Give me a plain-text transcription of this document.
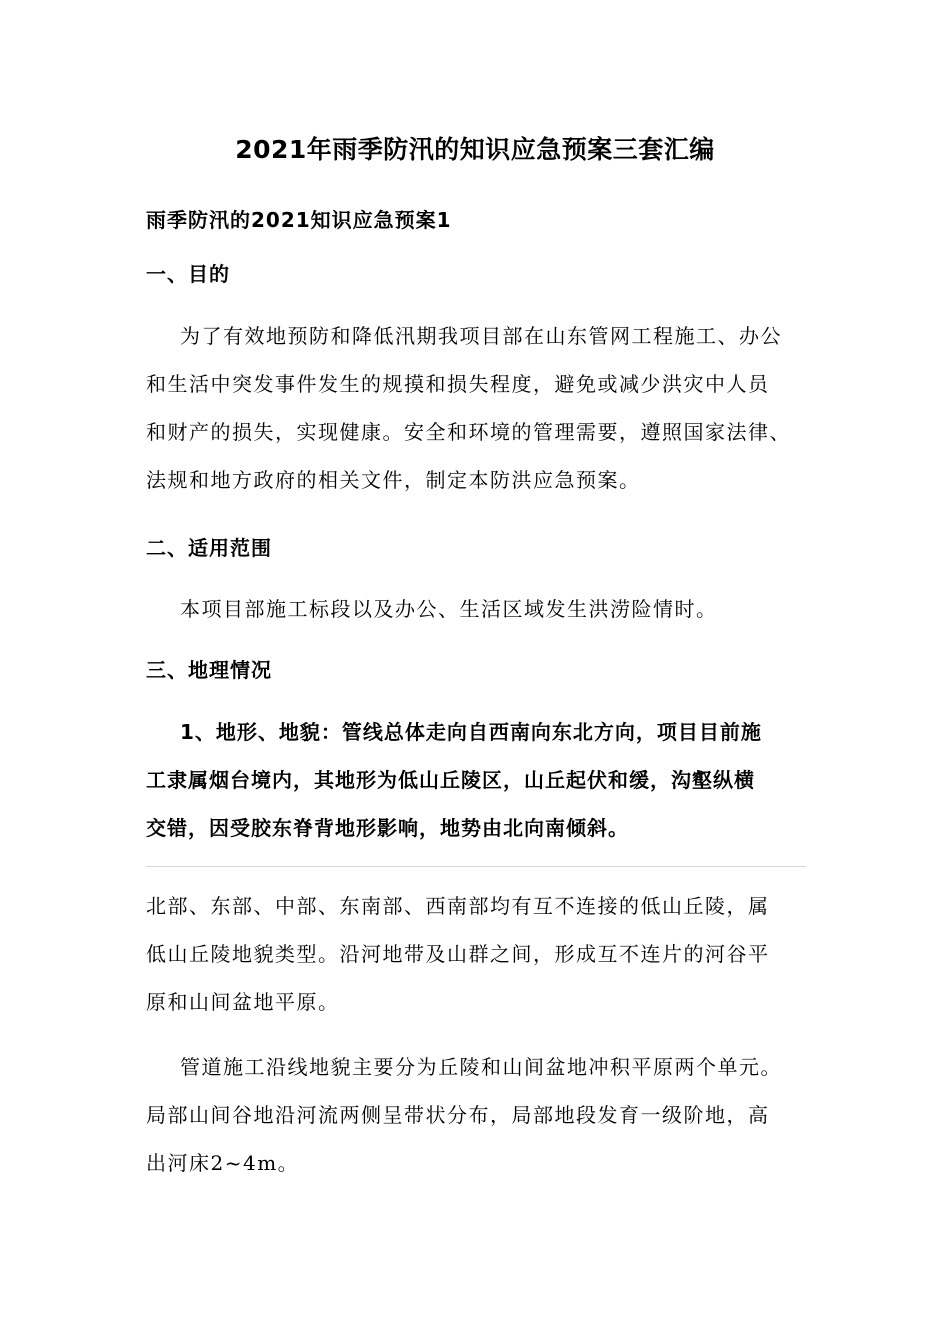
2021年雨季防汛的知识应急预案三套汇编
雨季防汛的2021知识应急预案1
一、目的
为了有效地预防和降低汛期我项目部在山东管网工程施工、办公
和生活中突发事件发生的规摸和损失程度，避免或减少洪灾中人员
和财产的损失，实现健康。安全和环境的管理需要，遵照国家法律、
法规和地方政府的相关文件，制定本防洪应急预案。
二、适用范围
本项目部施工标段以及办公、生活区域发生洪涝险情时。
三、地理情况
1、地形、地貌：管线总体走向自西南向东北方向，项目目前施
工隶属烟台境内，其地形为低山丘陵区，山丘起伏和缓，沟壑纵横
交错，因受胶东脊背地形影响，地势由北向南倾斜。
北部、东部、中部、东南部、西南部均有互不连接的低山丘陵，属
低山丘陵地貌类型。沿河地带及山群之间，形成互不连片的河谷平
原和山间盆地平原。
管道施工沿线地貌主要分为丘陵和山间盆地冲积平原两个单元。
局部山间谷地沿河流两侧呈带状分布，局部地段发育一级阶地，高
出河床2~4m。
